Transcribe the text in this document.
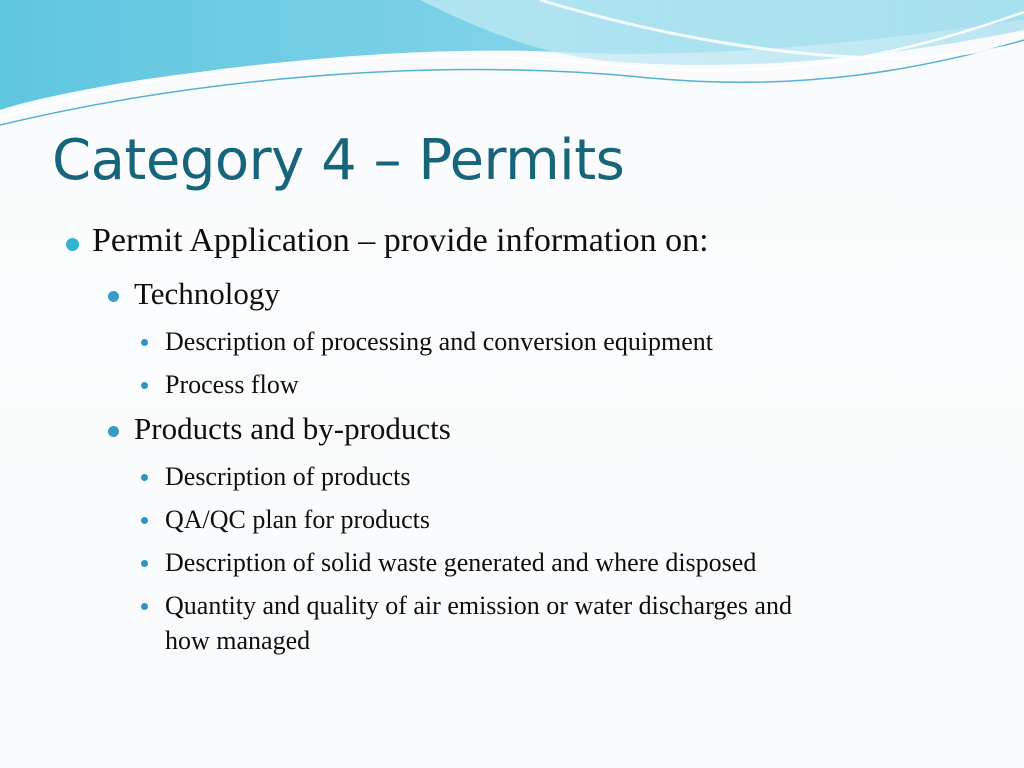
Category 4 – Permits
Permit Application – provide information on:
Technology
Description of processing and conversion equipment
Process flow
Products and by-products
Description of products
QA/QC plan for products
Description of solid waste generated and where disposed
Quantity and quality of air emission or water discharges and
how managed
